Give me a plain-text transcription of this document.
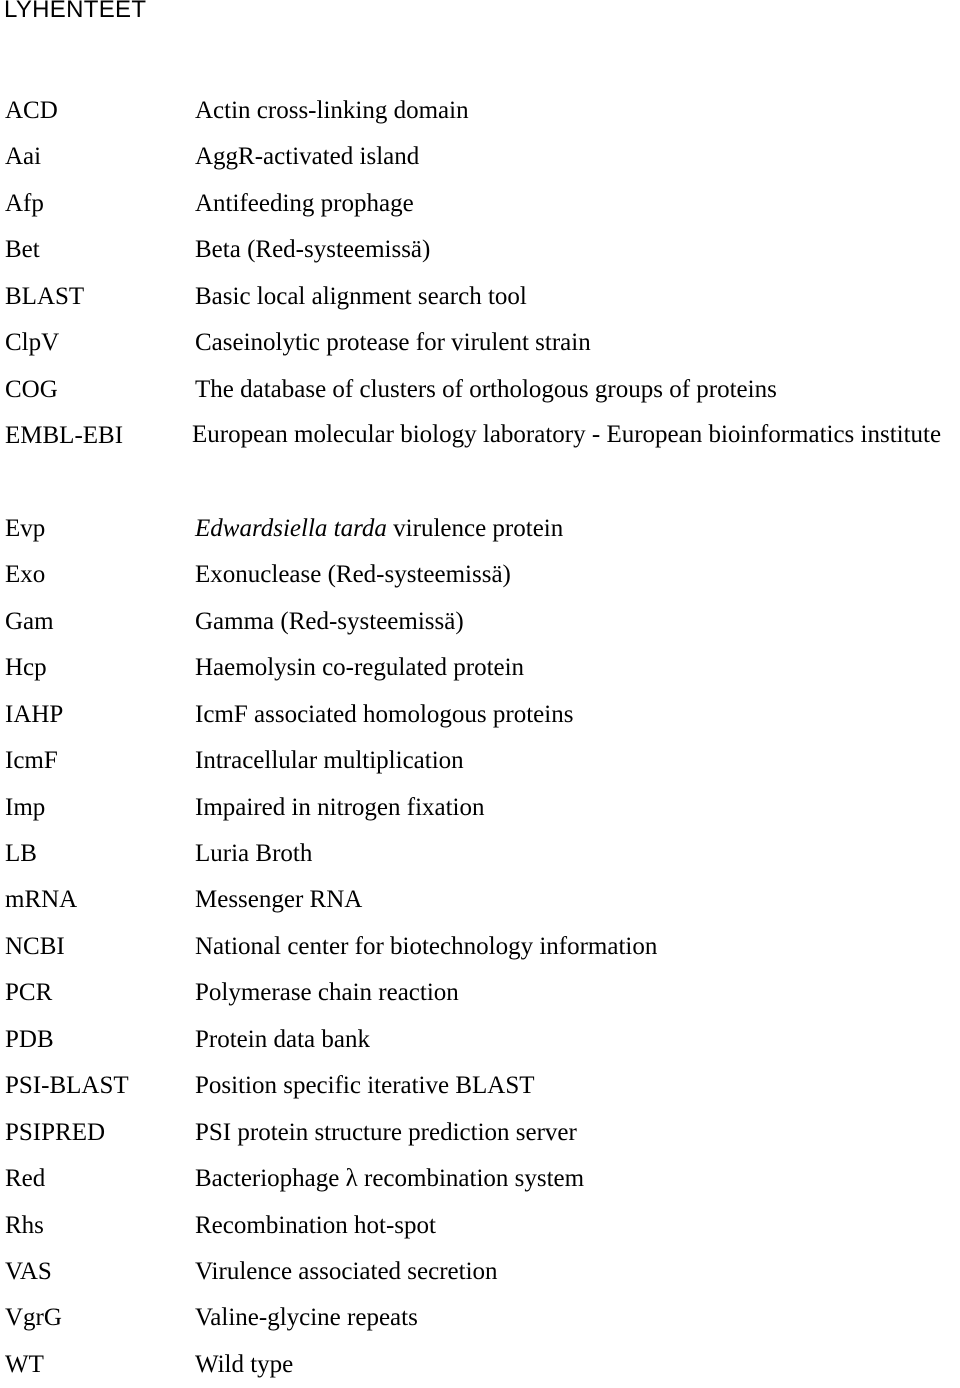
LYHENTEET
ACD	Actin cross-linking domain
Aai	AggR-activated island
Afp	Antifeeding prophage
Bet	Beta (Red-systeemissä)
BLAST	Basic local alignment search tool
ClpV	Caseinolytic protease for virulent strain
COG	The database of clusters of orthologous groups of proteins
EMBL-EBI	European molecular biology laboratory - European bioinformatics institute
Evp	Edwardsiella tarda virulence protein
Exo	Exonuclease (Red-systeemissä)
Gam	Gamma (Red-systeemissä)
Hcp	Haemolysin co-regulated protein
IAHP	IcmF associated homologous proteins
IcmF	Intracellular multiplication
Imp	Impaired in nitrogen fixation
LB	Luria Broth
mRNA	Messenger RNA
NCBI	National center for biotechnology information
PCR	Polymerase chain reaction
PDB	Protein data bank
PSI-BLAST	Position specific iterative BLAST
PSIPRED	PSI protein structure prediction server
Red	Bacteriophage λ recombination system
Rhs	Recombination hot-spot
VAS	Virulence associated secretion
VgrG	Valine-glycine repeats
WT	Wild type
